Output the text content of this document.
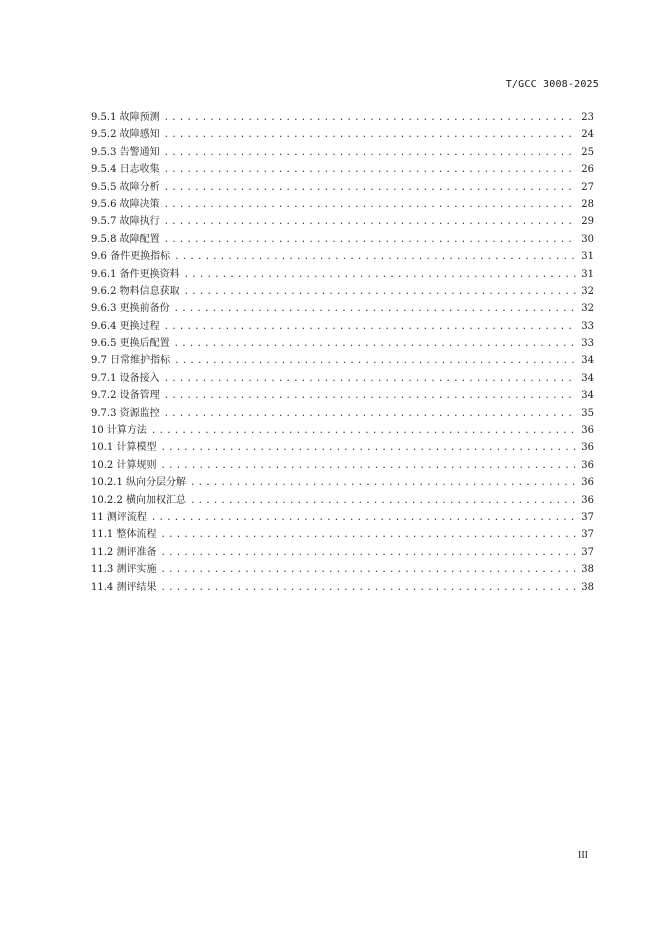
T/GCC 3008-2025
9.5.1 故障预测 .....	23
9.5.2 故障感知 .....	24
9.5.3 告警通知 .....	25
9.5.4 日志收集 .....	26
9.5.5 故障分析 .....	27
9.5.6 故障决策 .....	28
9.5.7 故障执行 .....	29
9.5.8 故障配置 .....	30
9.6 备件更换指标 .....	31
9.6.1 备件更换资料 .....	31
9.6.2 物料信息获取 .....	32
9.6.3 更换前备份 .....	32
9.6.4 更换过程 .....	33
9.6.5 更换后配置 .....	33
9.7 日常维护指标 .....	34
9.7.1 设备接入 .....	34
9.7.2 设备管理 .....	34
9.7.3 资源监控 .....	35
10 计算方法 .....	36
10.1 计算模型 .....	36
10.2 计算规则 .....	36
10.2.1 纵向分层分解 .....	36
10.2.2 横向加权汇总 .....	36
11 测评流程 .....	37
11.1 整体流程 .....	37
11.2 测评准备 .....	37
11.3 测评实施 .....	38
11.4 测评结果 .....	38
III
